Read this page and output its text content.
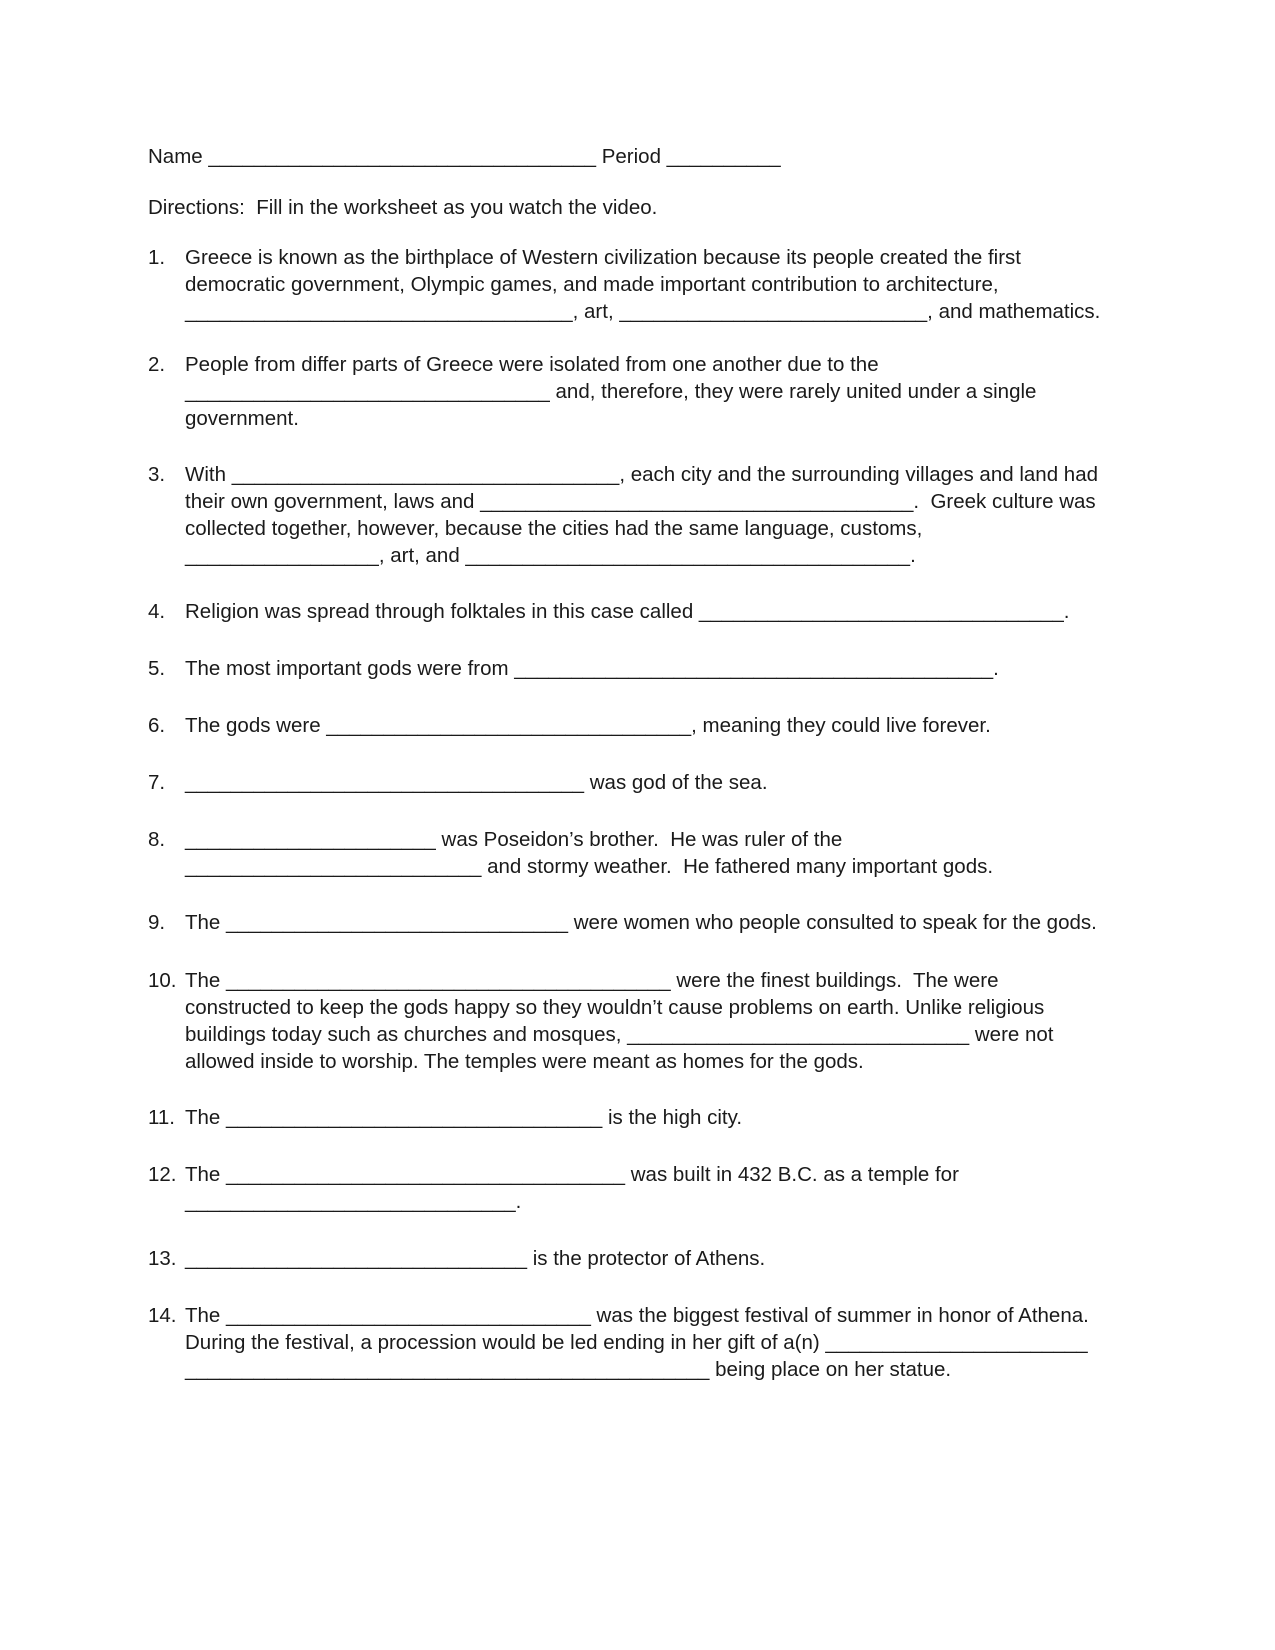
Name __________________________________ Period __________
Directions:  Fill in the worksheet as you watch the video.
1. Greece is known as the birthplace of Western civilization because its people created the first
democratic government, Olympic games, and made important contribution to architecture,
__________________________________, art, ___________________________, and mathematics.
2. People from differ parts of Greece were isolated from one another due to the
________________________________ and, therefore, they were rarely united under a single
government.
3. With __________________________________, each city and the surrounding villages and land had
their own government, laws and ______________________________________.  Greek culture was
collected together, however, because the cities had the same language, customs,
_________________, art, and _______________________________________.
4. Religion was spread through folktales in this case called ________________________________.
5. The most important gods were from __________________________________________.
6. The gods were ________________________________, meaning they could live forever.
7. ___________________________________ was god of the sea.
8. ______________________ was Poseidon’s brother.  He was ruler of the
__________________________ and stormy weather.  He fathered many important gods.
9. The ______________________________ were women who people consulted to speak for the gods.
10. The _______________________________________ were the finest buildings.  The were
constructed to keep the gods happy so they wouldn’t cause problems on earth. Unlike religious
buildings today such as churches and mosques, ______________________________ were not
allowed inside to worship. The temples were meant as homes for the gods.
11. The _________________________________ is the high city.
12. The ___________________________________ was built in 432 B.C. as a temple for
_____________________________.
13. ______________________________ is the protector of Athens.
14. The ________________________________ was the biggest festival of summer in honor of Athena.
During the festival, a procession would be led ending in her gift of a(n) _______________________
______________________________________________ being place on her statue.
